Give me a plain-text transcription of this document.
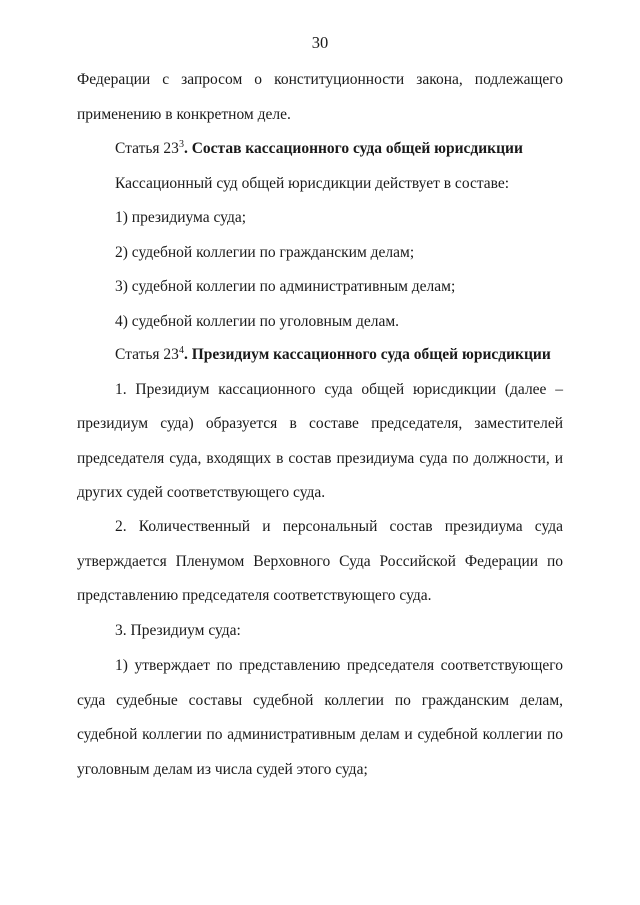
30

Федерации с запросом о конституционности закона, подлежащего применению в конкретном деле.

Статья $23^3$. Состав кассационного суда общей юрисдикции

Кассационный суд общей юрисдикции действует в составе:

1) президиума суда;

2) судебной коллегии по гражданским делам;

3) судебной коллегии по административным делам;

4) судебной коллегии по уголовным делам.

Статья $23^4$. Президиум кассационного суда общей юрисдикции

1. Президиум кассационного суда общей юрисдикции (далее – президиум суда) образуется в составе председателя, заместителей председателя суда, входящих в состав президиума суда по должности, и других судей соответствующего суда.

2. Количественный и персональный состав президиума суда утверждается Пленумом Верховного Суда Российской Федерации по представлению председателя соответствующего суда.

3. Президиум суда:

1) утверждает по представлению председателя соответствующего суда судебные составы судебной коллегии по гражданским делам, судебной коллегии по административным делам и судебной коллегии по уголовным делам из числа судей этого суда;
